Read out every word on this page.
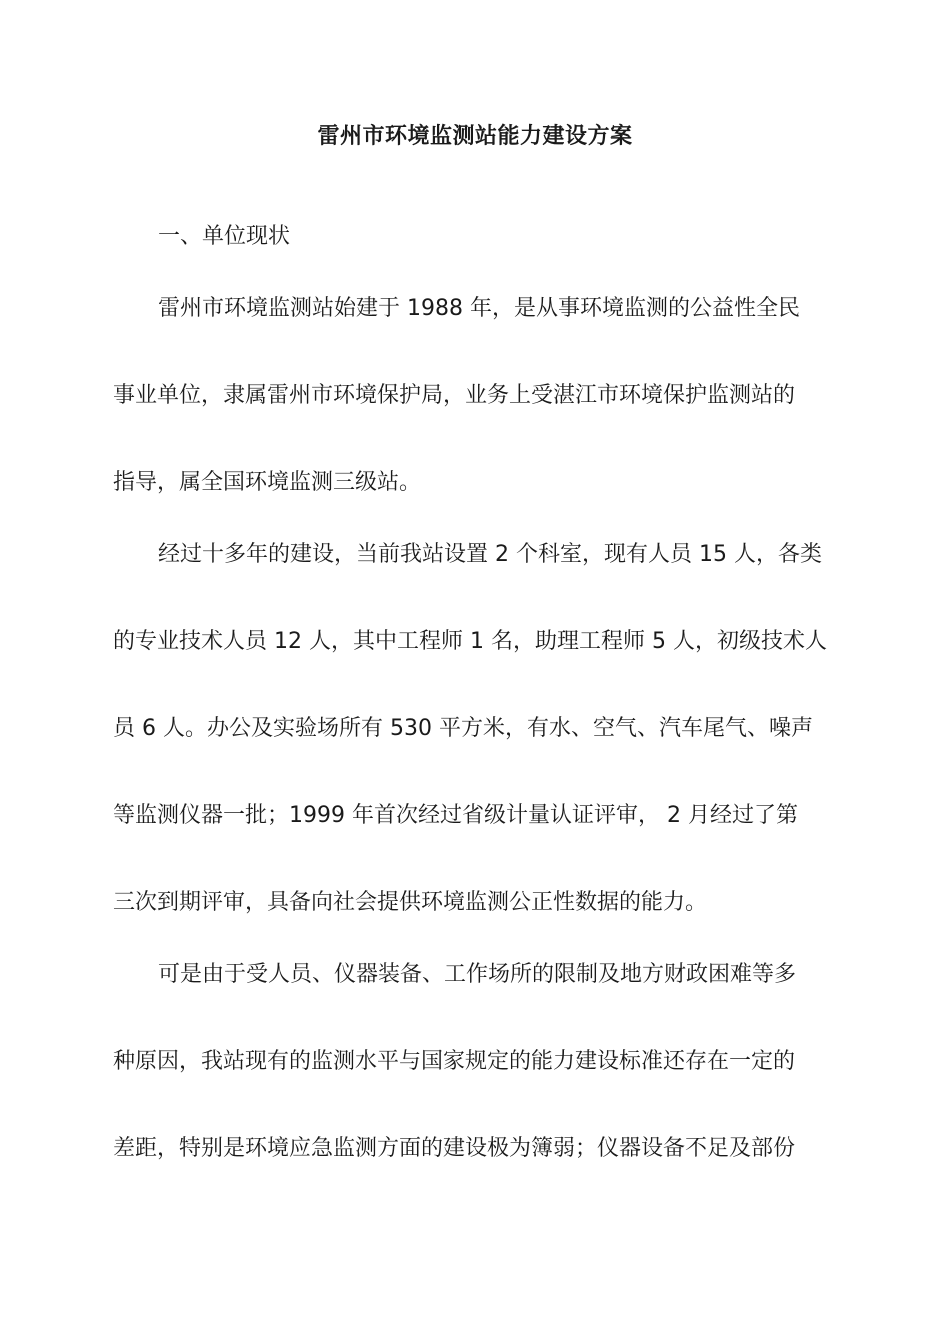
雷州市环境监测站能力建设方案
一、单位现状
雷州市环境监测站始建于 1988 年，是从事环境监测的公益性全民
事业单位，隶属雷州市环境保护局，业务上受湛江市环境保护监测站的
指导，属全国环境监测三级站。
经过十多年的建设，当前我站设置 2 个科室，现有人员 15 人，各类
的专业技术人员 12 人，其中工程师 1 名，助理工程师 5 人，初级技术人
员 6 人。办公及实验场所有 530 平方米，有水、空气、汽车尾气、噪声
等监测仪器一批；1999 年首次经过省级计量认证评审， 2 月经过了第
三次到期评审，具备向社会提供环境监测公正性数据的能力。
可是由于受人员、仪器装备、工作场所的限制及地方财政困难等多
种原因，我站现有的监测水平与国家规定的能力建设标准还存在一定的
差距，特别是环境应急监测方面的建设极为簿弱；仪器设备不足及部份
